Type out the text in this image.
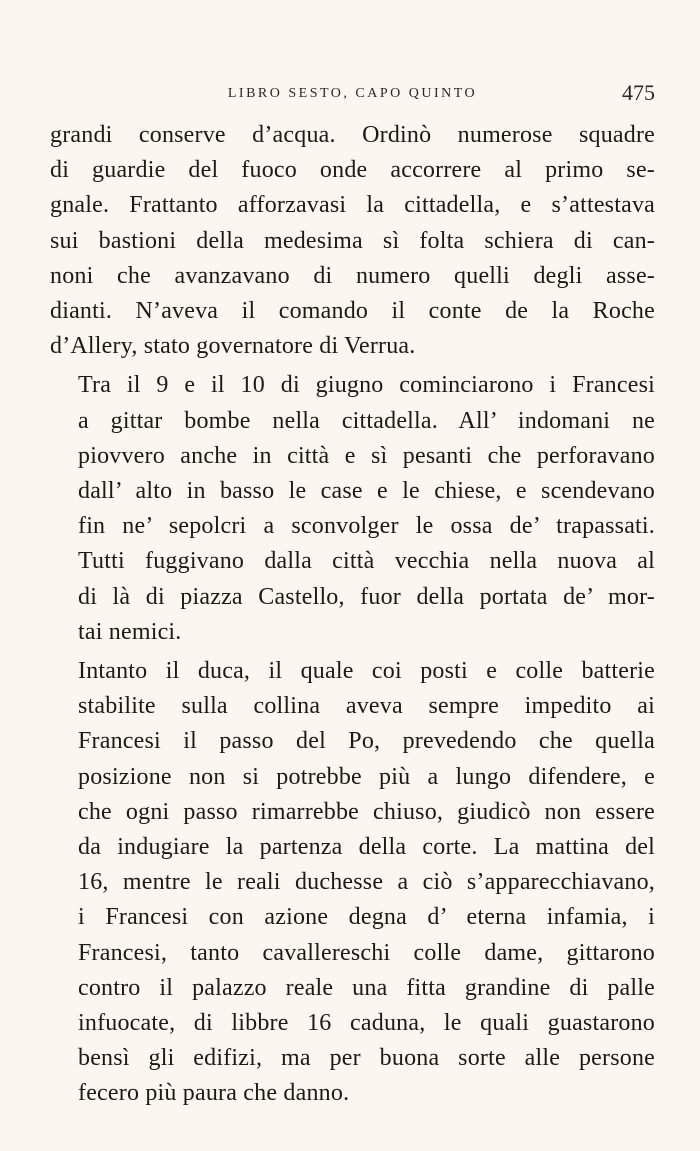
LIBRO SESTO, CAPO QUINTO	475

grandi conserve d’acqua. Ordinò numerose squadre
di guardie del fuoco onde accorrere al primo se-
gnale. Frattanto afforzavasi la cittadella, e s’attestava
sui bastioni della medesima sì folta schiera di can-
noni che avanzavano di numero quelli degli asse-
dianti. N’aveva il comando il conte de la Roche
d’Allery, stato governatore di Verrua.

Tra il 9 e il 10 di giugno cominciarono i Francesi
a gittar bombe nella cittadella. All’ indomani ne
piovvero anche in città e sì pesanti che perforavano
dall’ alto in basso le case e le chiese, e scendevano
fin ne’ sepolcri a sconvolger le ossa de’ trapassati.
Tutti fuggivano dalla città vecchia nella nuova al
di là di piazza Castello, fuor della portata de’ mor-
tai nemici.

Intanto il duca, il quale coi posti e colle batterie
stabilite sulla collina aveva sempre impedito ai
Francesi il passo del Po, prevedendo che quella
posizione non si potrebbe più a lungo difendere, e
che ogni passo rimarrebbe chiuso, giudicò non essere
da indugiare la partenza della corte. La mattina del
16, mentre le reali duchesse a ciò s’apparecchiavano,
i Francesi con azione degna d’ eterna infamia, i
Francesi, tanto cavallereschi colle dame, gittarono
contro il palazzo reale una fitta grandine di palle
infuocate, di libbre 16 caduna, le quali guastarono
bensì gli edifizi, ma per buona sorte alle persone
fecero più paura che danno.
